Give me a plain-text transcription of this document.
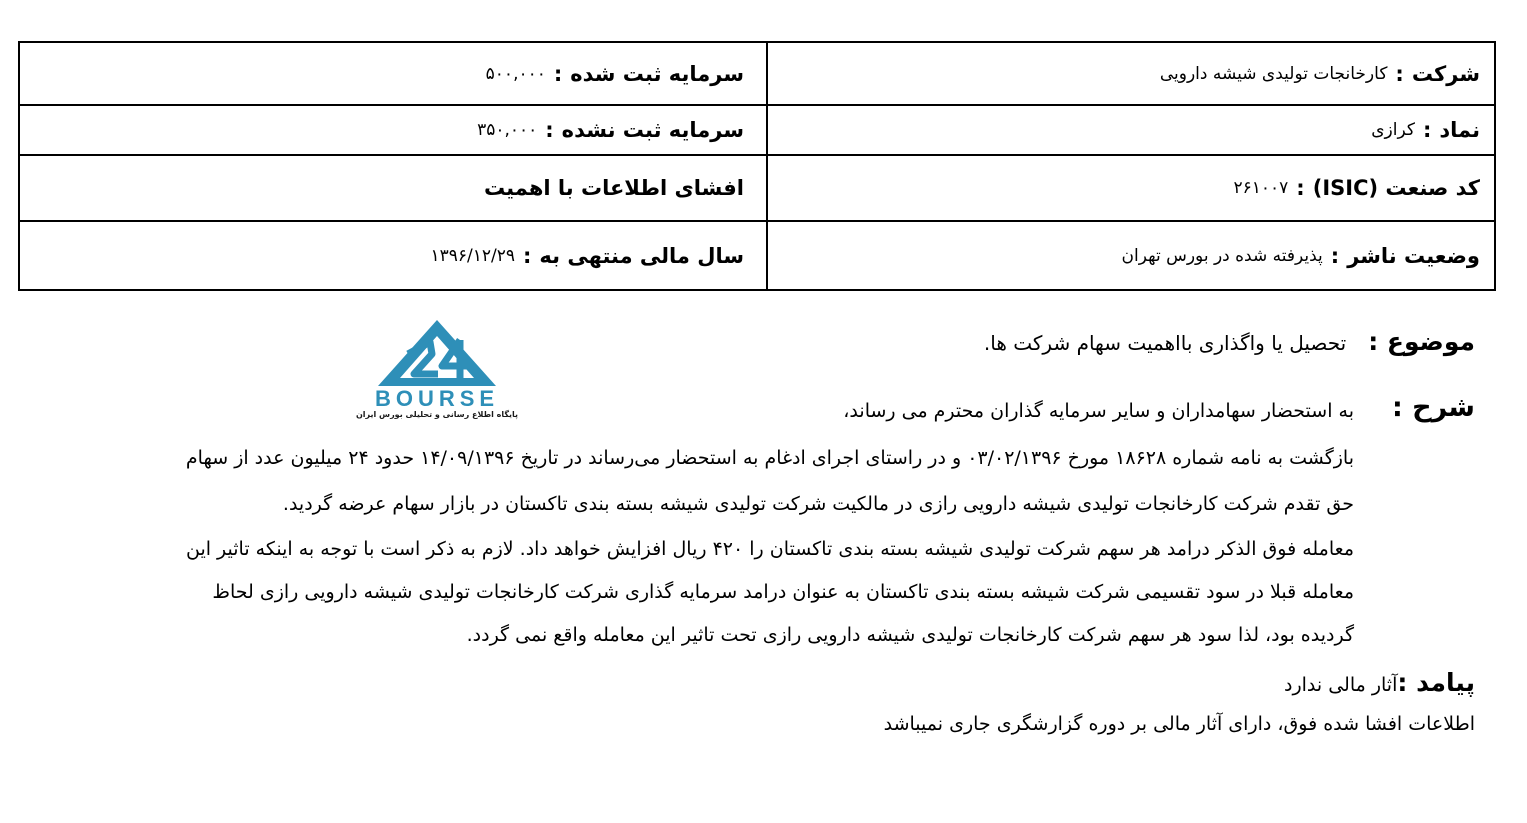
شرکت
:
کارخانجات تولیدی شیشه دارویی
نماد
:
کرازی
کد صنعت (ISIC)
:
۲۶۱۰۰۷
وضعیت ناشر
:
پذیرفته شده در بورس تهران
سرمایه ثبت شده
:
۵۰۰,۰۰۰
سرمایه ثبت نشده
:
۳۵۰,۰۰۰
افشای اطلاعات با اهمیت
سال مالی منتهی به
:
۱۳۹۶/۱۲/۲۹
BOURSE
پایگاه اطلاع رسانی و تحلیلی بورس ایران
موضوع :
تحصیل یا واگذاری بااهمیت سهام شرکت ها.
شرح :
به استحضار سهامداران و سایر سرمایه گذاران محترم می رساند،
بازگشت به نامه شماره ۱۸۶۲۸ مورخ ۰۳/۰۲/۱۳۹۶ و در راستای اجرای ادغام به استحضار می‌رساند در تاریخ ۱۴/۰۹/۱۳۹۶ حدود ۲۴ میلیون عدد از سهام
حق تقدم شرکت کارخانجات تولیدی شیشه دارویی رازی در مالکیت شرکت تولیدی شیشه بسته بندی تاکستان در بازار سهام عرضه گردید.
معامله فوق الذکر درامد هر سهم شرکت تولیدی شیشه بسته بندی تاکستان را ۴۲۰ ریال افزایش خواهد داد. لازم به ذکر است با توجه به اینکه تاثیر این
معامله قبلا در سود تقسیمی شرکت شیشه بسته بندی تاکستان به عنوان درامد سرمایه گذاری شرکت کارخانجات تولیدی شیشه دارویی رازی لحاظ
گردیده بود، لذا سود هر سهم شرکت کارخانجات تولیدی شیشه دارویی رازی تحت تاثیر این معامله واقع نمی گردد.
پیامد :
آثار مالی ندارد
اطلاعات افشا شده فوق، دارای آثار مالی بر دوره گزارشگری جاری نمیباشد
